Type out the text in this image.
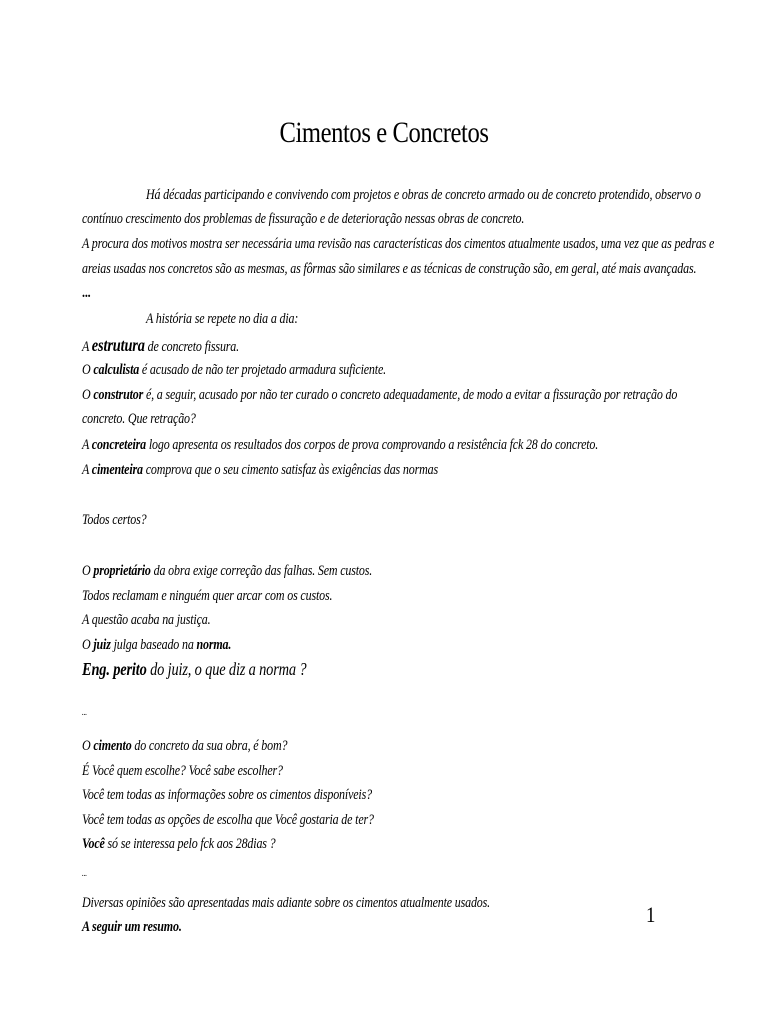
Cimentos e Concretos
Há décadas participando e convivendo com projetos e obras de concreto armado ou de concreto protendido, observo o
contínuo crescimento dos problemas de fissuração e de deterioração nessas obras de concreto.
A procura dos motivos mostra ser necessária uma revisão nas características dos cimentos atualmente usados, uma vez que as pedras e
areias usadas nos concretos são as mesmas, as fôrmas são similares e as técnicas de construção são, em geral, até mais avançadas.
...
A história se repete no dia a dia:
A estrutura de concreto fissura.
O calculista é acusado de não ter projetado armadura suficiente.
O construtor é, a seguir, acusado por não ter curado o concreto adequadamente, de modo a evitar a fissuração por retração do
concreto. Que retração?
A concreteira logo apresenta os resultados dos corpos de prova comprovando a resistência fck 28 do concreto.
A cimenteira comprova que o seu cimento satisfaz às exigências das normas
Todos certos?
O proprietário da obra exige correção das falhas. Sem custos.
Todos reclamam e ninguém quer arcar com os custos.
A questão acaba na justiça.
O juiz julga baseado na norma.
Eng. perito do juiz, o que diz a norma ?
...
O cimento do concreto da sua obra, é bom?
É Você quem escolhe? Você sabe escolher?
Você tem todas as informações sobre os cimentos disponíveis?
Você tem todas as opções de escolha que Você gostaria de ter?
Você só se interessa pelo fck aos 28dias ?
...
Diversas opiniões são apresentadas mais adiante sobre os cimentos atualmente usados.
A seguir um resumo.	1
